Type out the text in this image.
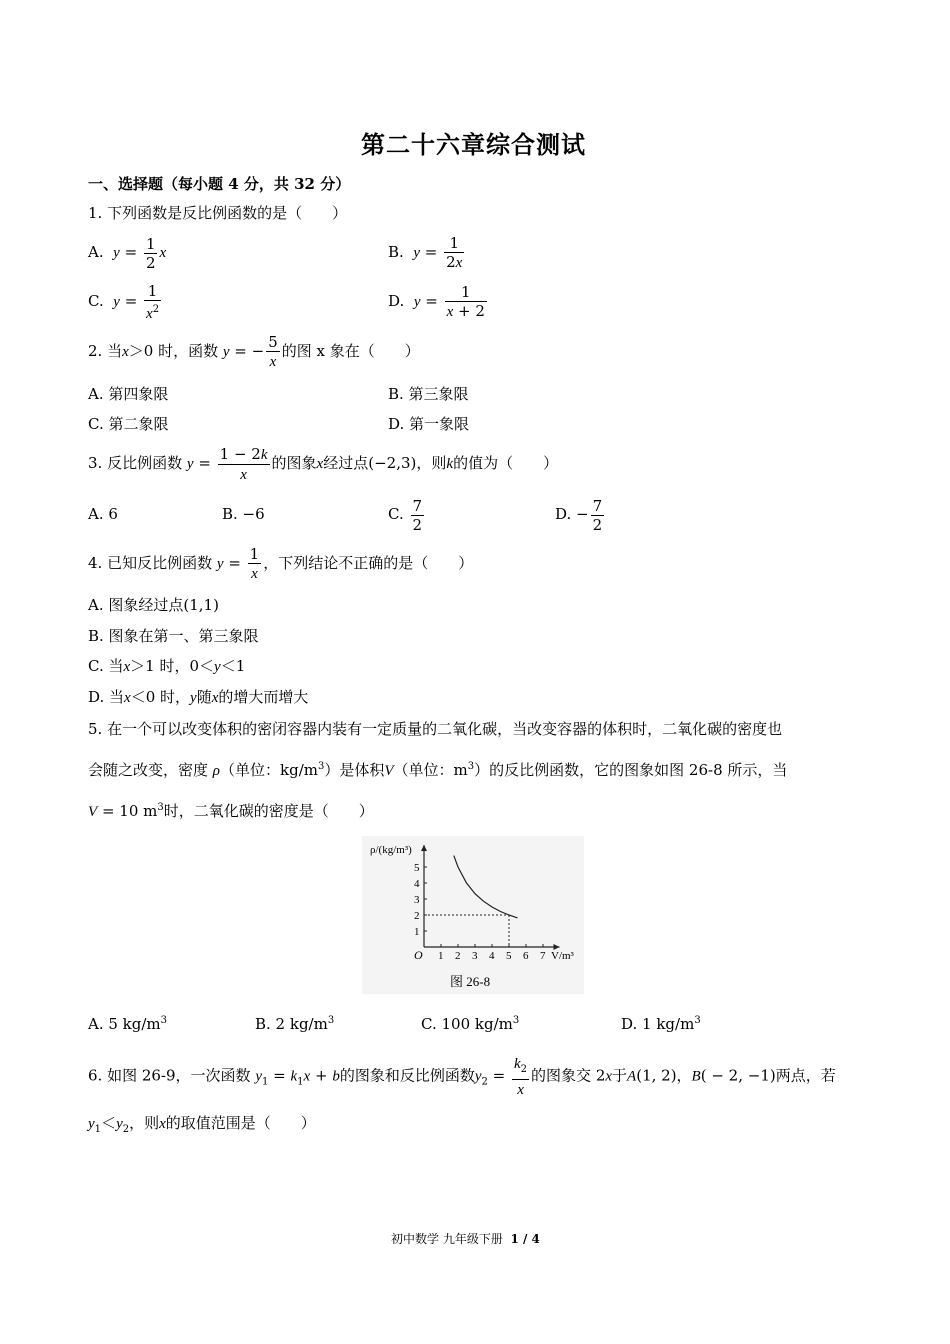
第二十六章综合测试
一、选择题（每小题 4 分，共 32 分）
1. 下列函数是反比例函数的是（　　）
A. $y = \frac{1}{2}$ x	B. $y = \frac{1}{2x}$
C. $y = \frac{1}{x^2}$	D. $y = \frac{1}{x + 2}$
2. 当x＞0 时，函数 y = − $\frac{5}{x}$ 的图 x 象在（　　）
A. 第四象限	B. 第三象限
C. 第二象限	D. 第一象限
3. 反比例函数 $y = \frac{1 - 2k}{x}$ 的图象x经过点(−2,3)，则k的值为（　　）
A. 6	B. −6	C. $\frac{7}{2}$	D. − $\frac{7}{2}$
4. 已知反比例函数 $y = \frac{1}{x}$ ，下列结论不正确的是（　　）
A. 图象经过点(1,1)
B. 图象在第一、第三象限
C. 当x＞1 时，0＜y＜1
D. 当x＜0 时，y随x的增大而增大
5. 在一个可以改变体积的密闭容器内装有一定质量的二氧化碳，当改变容器的体积时，二氧化碳的密度也
会随之改变，密度 ρ（单位：$kg/m^3$）是体积V（单位：$m^3$）的反比例函数，它的图象如图 26-8 所示，当
V = 10 $m^3$时，二氧化碳的密度是（　　）
1 2 3 4 5 6 7
1
2
3
4
5
ρ/(kg/m³)
V/m³
O
图 26-8
A. 5 $kg/m^3$	B. 2 $kg/m^3$	C. 100 $kg/m^3$	D. 1 $kg/m^3$
6. 如图 26-9，一次函数 $y_1 = k_1x + b$的图象和反比例函数$y_2 = \frac{k_2}{x}$ 的图象交 2x于A(1, 2)，B( − 2, −1)两点，若
$y_1<y_2$，则x的取值范围是（　　）
初中数学 九年级下册 1 / 4
